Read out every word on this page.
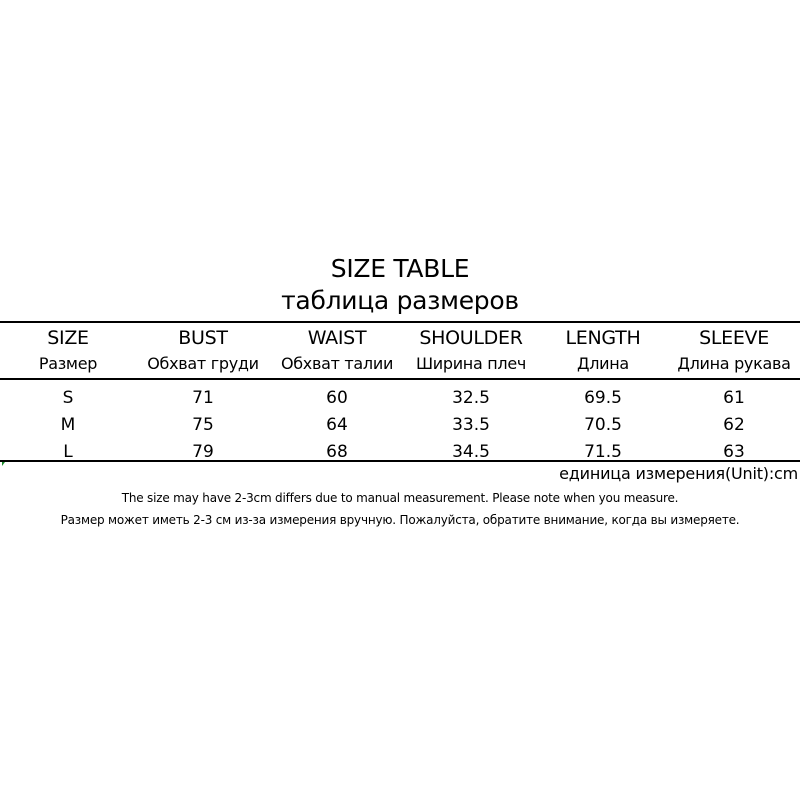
SIZE TABLE
таблица размеров
SIZE	BUST	WAIST	SHOULDER	LENGTH	SLEEVE
Размер	Обхват груди	Обхват талии	Ширина плеч	Длина	Длина рукава

S	71	60	32.5	69.5	61
M	75	64	33.5	70.5	62
L	79	68	34.5	71.5	63
единица измерения(Unit):cm
The size may have 2-3cm differs due to manual measurement. Please note when you measure.
Размер может иметь 2-3 см из-за измерения вручную. Пожалуйста, обратите внимание, когда вы измеряете.
